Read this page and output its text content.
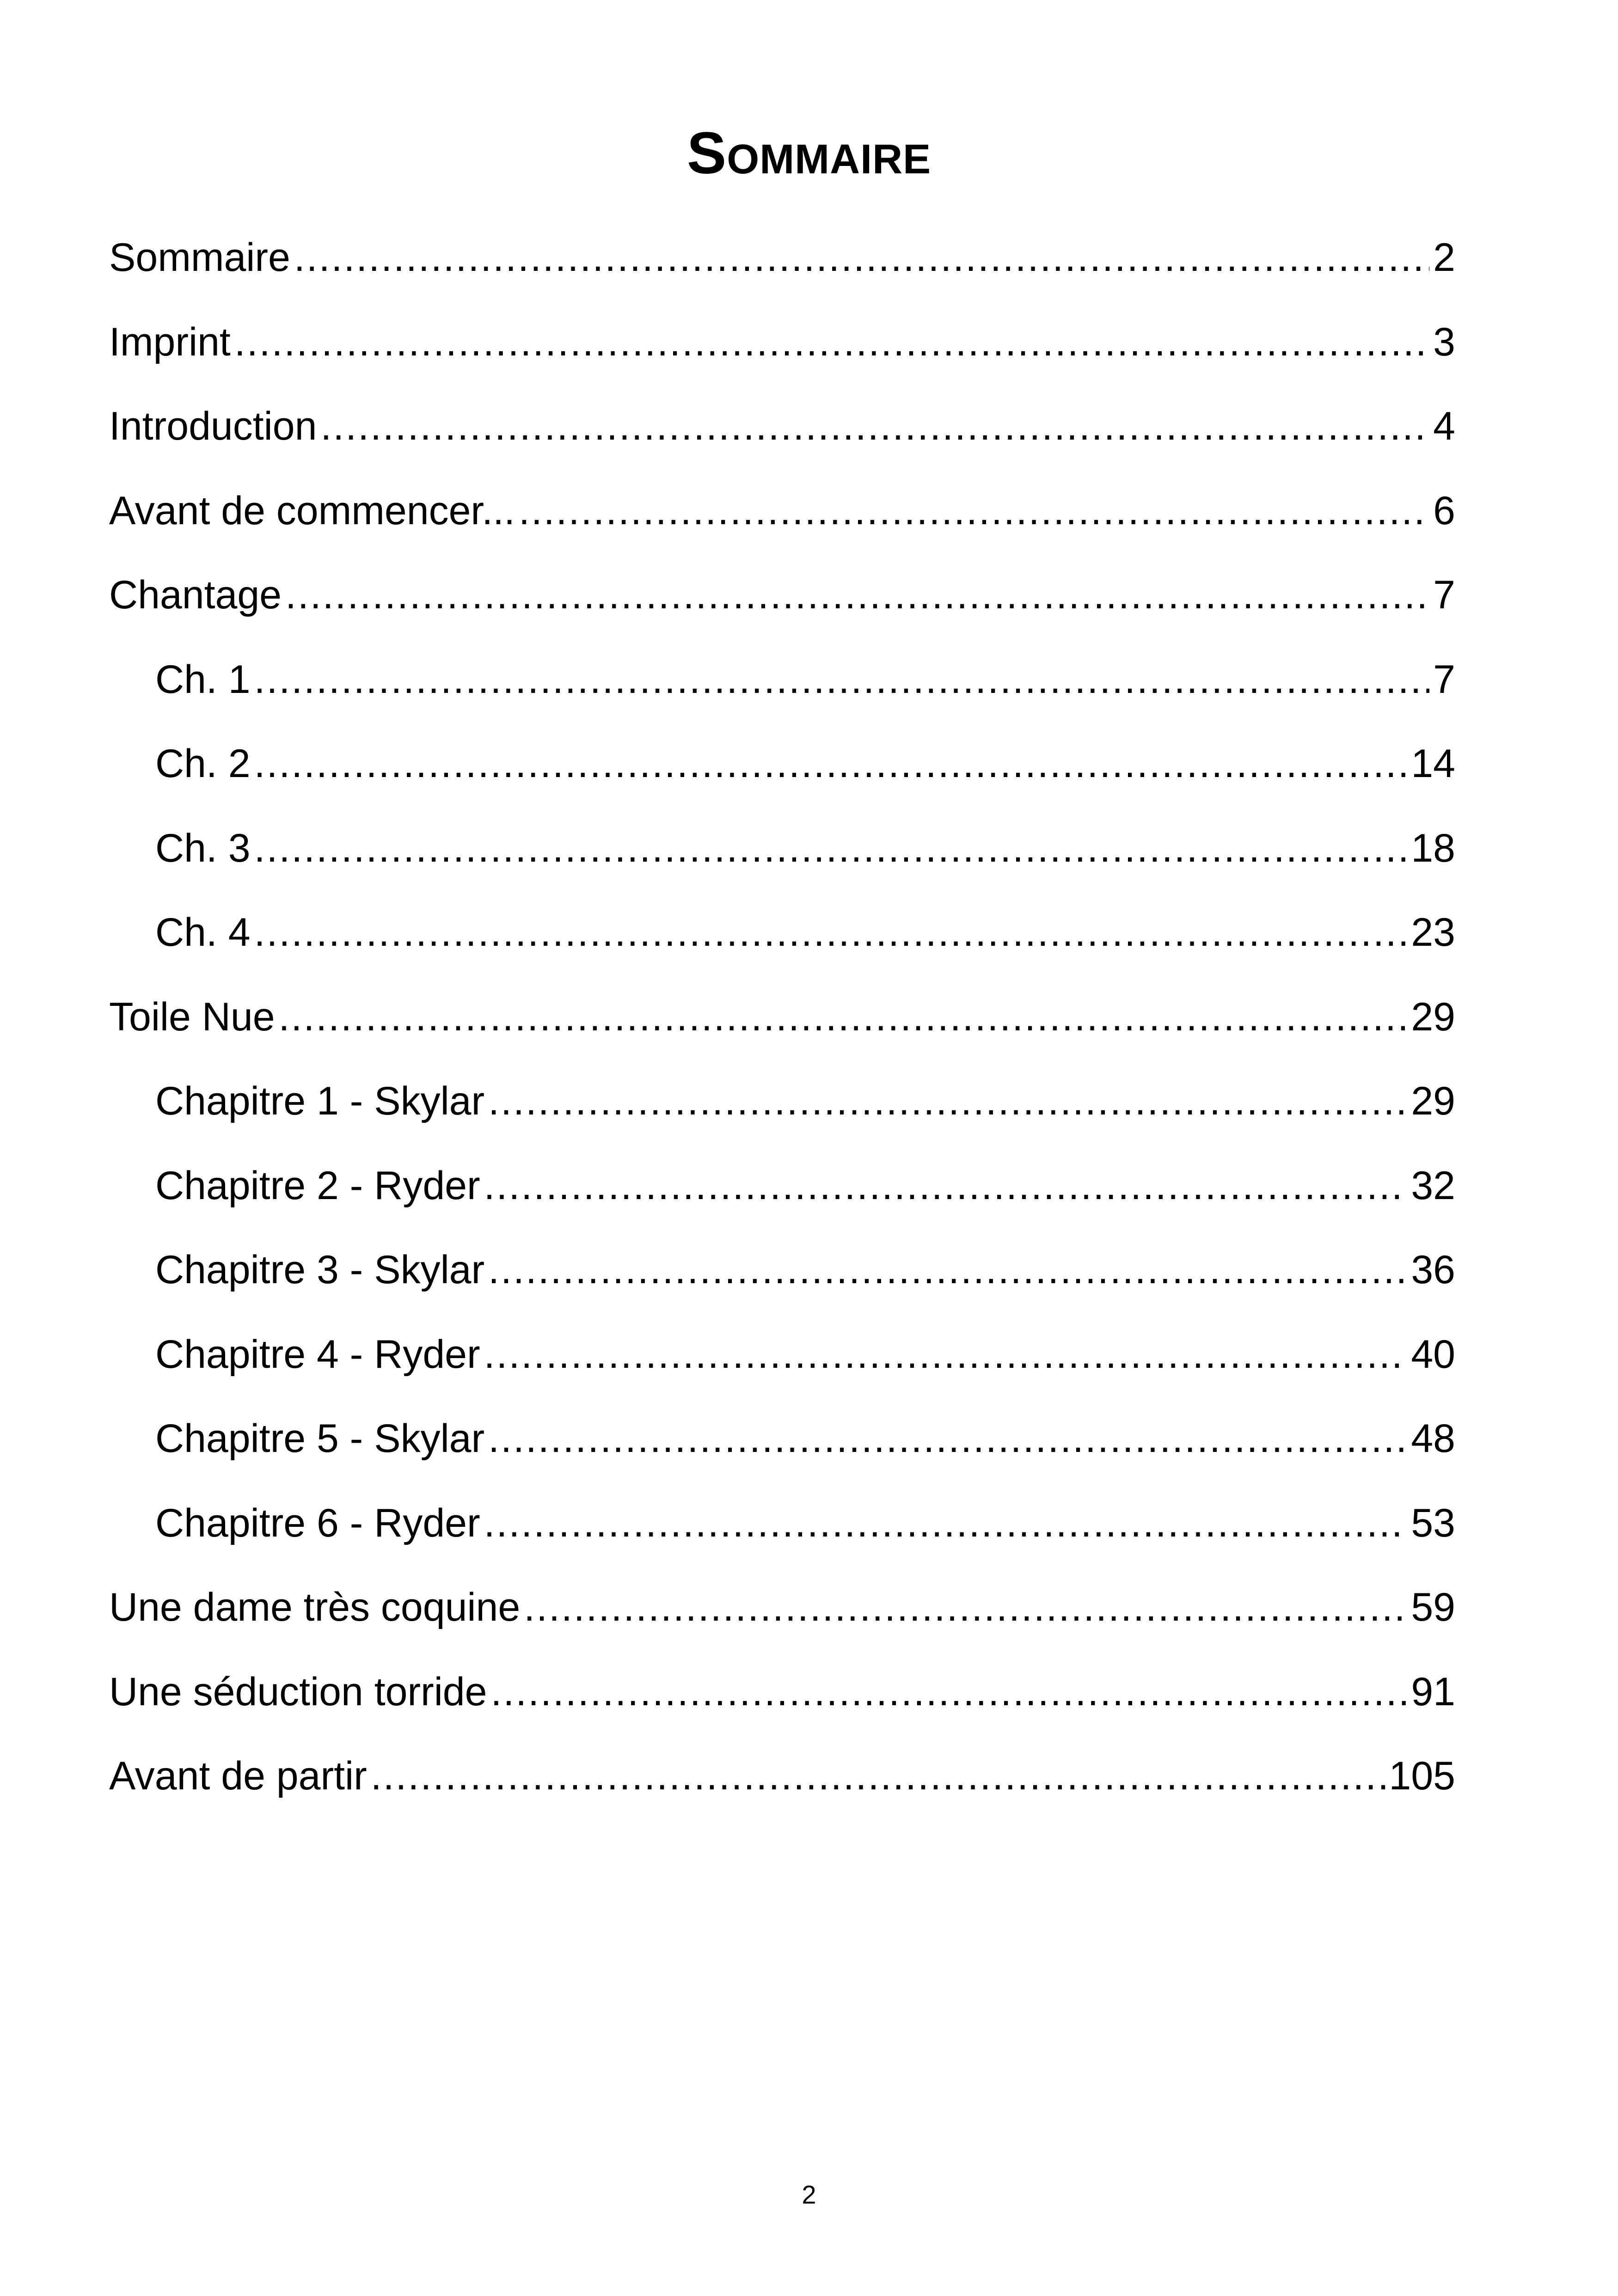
Sommaire
Sommaire .....	2
Imprint .....	3
Introduction .....	4
Avant de commencer... .....	6
Chantage .....	7
Ch. 1 .....	7
Ch. 2 .....	14
Ch. 3 .....	18
Ch. 4 .....	23
Toile Nue .....	29
Chapitre 1 - Skylar .....	29
Chapitre 2 - Ryder .....	32
Chapitre 3 - Skylar .....	36
Chapitre 4 - Ryder .....	40
Chapitre 5 - Skylar .....	48
Chapitre 6 - Ryder .....	53
Une dame très coquine .....	59
Une séduction torride .....	91
Avant de partir .....	105
2
